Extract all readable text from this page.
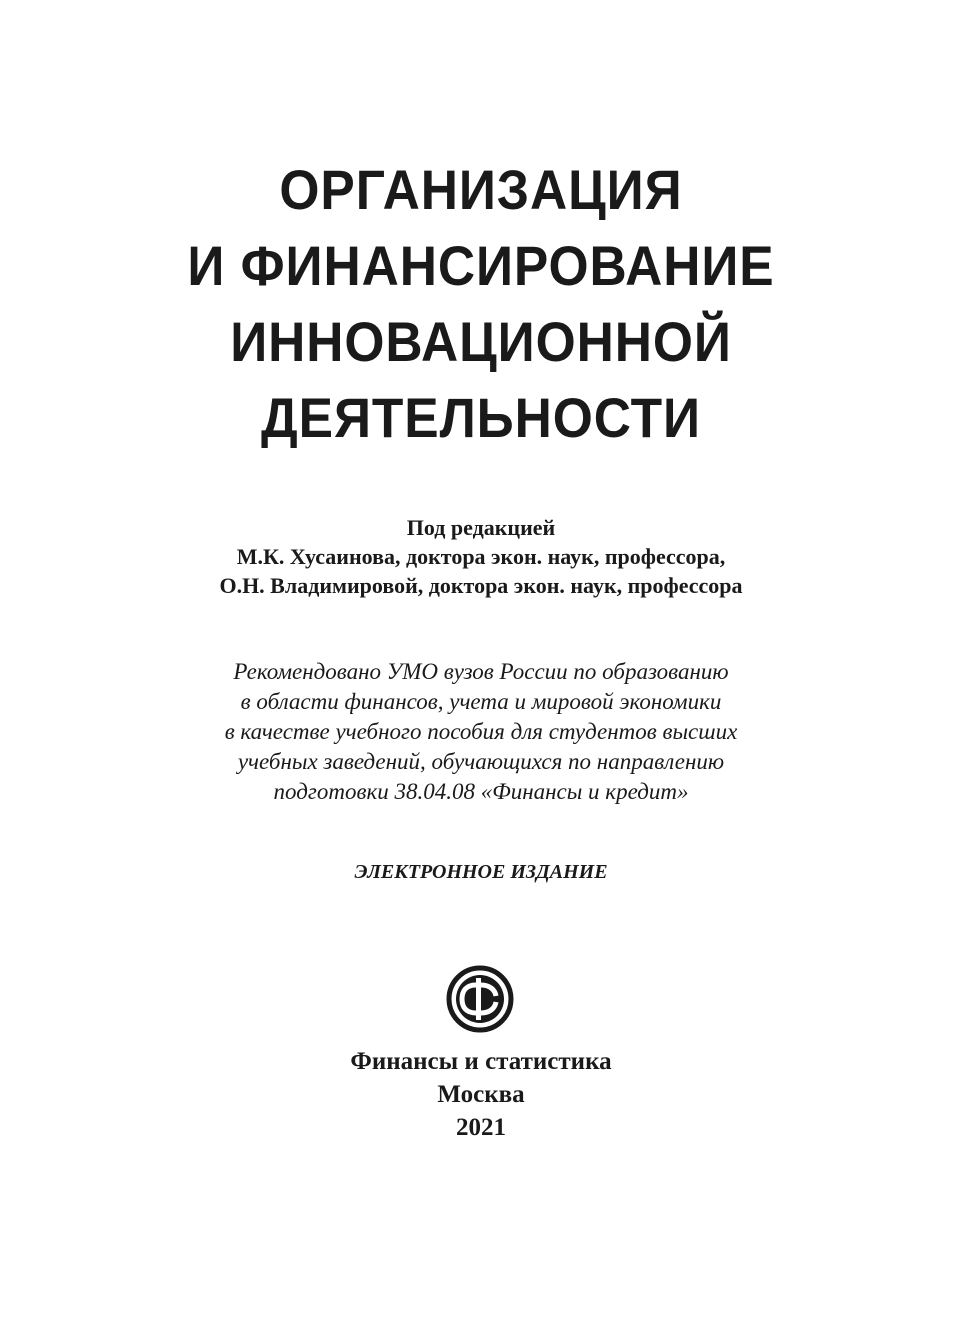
ОРГАНИЗАЦИЯ
И ФИНАНСИРОВАНИЕ
ИННОВАЦИОННОЙ
ДЕЯТЕЛЬНОСТИ
Под редакцией
М.К. Хусаинова, доктора экон. наук, профессора,
О.Н. Владимировой, доктора экон. наук, профессора
Рекомендовано УМО вузов России по образованию
в области финансов, учета и мировой экономики
в качестве учебного пособия для студентов высших
учебных заведений, обучающихся по направлению
подготовки 38.04.08 «Финансы и кредит»
ЭЛЕКТРОННОЕ ИЗДАНИЕ
Финансы и статистика
Москва
2021
